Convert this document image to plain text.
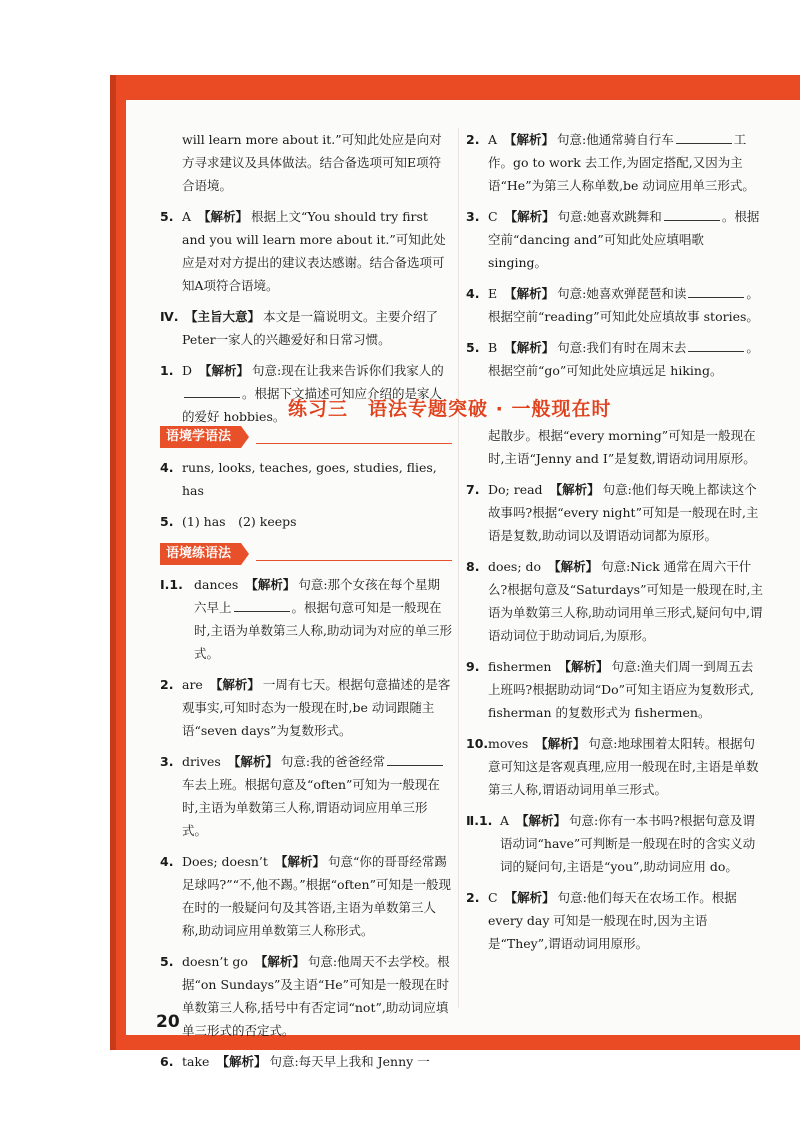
will learn more about it.”可知此处应是向对方寻求建议及具体做法。结合备选项可知E项符合语境。
5. A 【解析】 根据上文“You should try first and you will learn more about it.”可知此处应是对对方提出的建议表达感谢。结合备选项可知A项符合语境。
Ⅳ. 【主旨大意】 本文是一篇说明文。主要介绍了Peter一家人的兴趣爱好和日常习惯。
1. D 【解析】 句意:现在让我来告诉你们我家人的。根据下文描述可知应介绍的是家人的爱好 hobbies。
2. A 【解析】 句意:他通常骑自行车	工作。go to work 去工作,为固定搭配,又因为主语“He”为第三人称单数,be 动词应用单三形式。
3. C 【解析】 句意:她喜欢跳舞和	。根据空前“dancing and”可知此处应填唱歌 singing。
4. E 【解析】 句意:她喜欢弹琵琶和读	。根据空前“reading”可知此处应填故事 stories。
5. B 【解析】 句意:我们有时在周末去	。根据空前“go”可知此处应填远足 hiking。
练习三　语法专题突破 · 一般现在时
语境学语法
4. runs, looks, teaches, goes, studies, flies, has
5. (1) has　(2) keeps
语境练语法
Ⅰ.1. dances 【解析】 句意:那个女孩在每个星期六早上	。根据句意可知是一般现在时,主语为单数第三人称,助动词为对应的单三形式。
2. are 【解析】 一周有七天。根据句意描述的是客观事实,可知时态为一般现在时,be 动词跟随主语“seven days”为复数形式。
3. drives 【解析】 句意:我的爸爸经常车去上班。根据句意及“often”可知为一般现在时,主语为单数第三人称,谓语动词应用单三形式。
4. Does; doesn’t 【解析】 句意“你的哥哥经常踢足球吗?”“不,他不踢。”根据“often”可知是一般现在时的一般疑问句及其答语,主语为单数第三人称,助动词应用单数第三人称形式。
5. doesn’t go 【解析】 句意:他周天不去学校。根据“on Sundays”及主语“He”可知是一般现在时单数第三人称,括号中有否定词“not”,助动词应填单三形式的否定式。
6. take 【解析】 句意:每天早上我和 Jenny 一
起散步。根据“every morning”可知是一般现在时,主语“Jenny and I”是复数,谓语动词用原形。
7. Do; read 【解析】 句意:他们每天晚上都读这个故事吗?根据“every night”可知是一般现在时,主语是复数,助动词以及谓语动词都为原形。
8. does; do 【解析】 句意:Nick 通常在周六干什么?根据句意及“Saturdays”可知是一般现在时,主语为单数第三人称,助动词用单三形式,疑问句中,谓语动词位于助动词后,为原形。
9. fishermen 【解析】 句意:渔夫们周一到周五去上班吗?根据助动词“Do”可知主语应为复数形式, fisherman 的复数形式为 fishermen。
10. moves 【解析】 句意:地球围着太阳转。根据句意可知这是客观真理,应用一般现在时,主语是单数第三人称,谓语动词用单三形式。
Ⅱ.1. A 【解析】 句意:你有一本书吗?根据句意及谓语动词“have”可判断是一般现在时的含实义动词的疑问句,主语是“you”,助动词应用 do。
2. C 【解析】 句意:他们每天在农场工作。根据 every day 可知是一般现在时,因为主语是“They”,谓语动词用原形。
20
